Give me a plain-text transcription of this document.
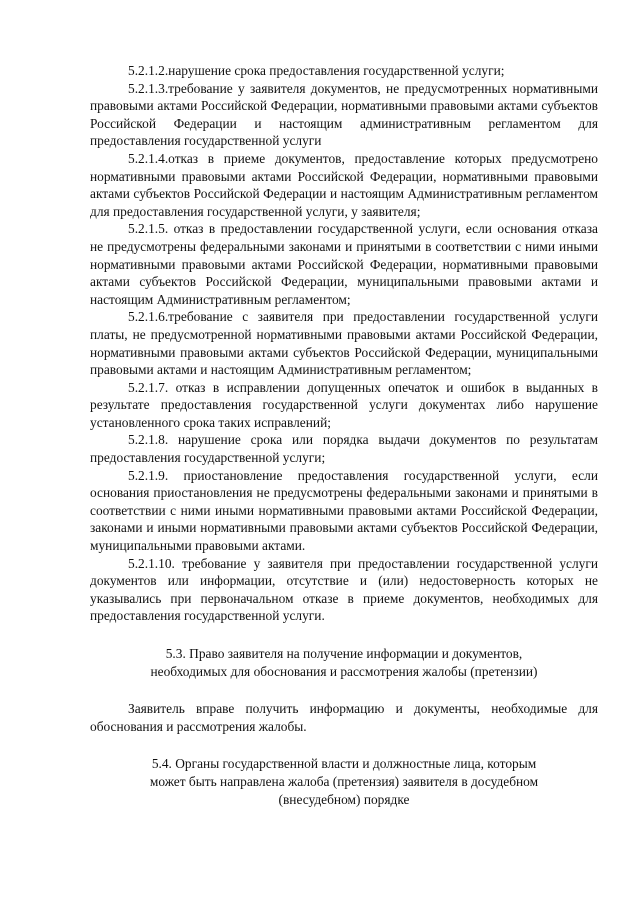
5.2.1.2.нарушение срока предоставления государственной услуги;

5.2.1.3.требование у заявителя документов, не предусмотренных нормативными правовыми актами Российской Федерации, нормативными правовыми актами субъектов Российской Федерации и настоящим административным регламентом для предоставления государственной услуги

5.2.1.4.отказ в приеме документов, предоставление которых предусмотрено нормативными правовыми актами Российской Федерации, нормативными правовыми актами субъектов Российской Федерации и настоящим Административным регламентом для предоставления государственной услуги, у заявителя;

5.2.1.5. отказ в предоставлении государственной услуги, если основания отказа не предусмотрены федеральными законами и принятыми в соответствии с ними иными нормативными правовыми актами Российской Федерации, нормативными правовыми актами субъектов Российской Федерации, муниципальными правовыми актами и настоящим Административным регламентом;

5.2.1.6.требование с заявителя при предоставлении государственной услуги платы, не предусмотренной нормативными правовыми актами Российской Федерации, нормативными правовыми актами субъектов Российской Федерации, муниципальными правовыми актами и настоящим Административным регламентом;

5.2.1.7. отказ в исправлении допущенных опечаток и ошибок в выданных в результате предоставления государственной услуги документах либо нарушение установленного срока таких исправлений;

5.2.1.8. нарушение срока или порядка выдачи документов по результатам предоставления государственной услуги;

5.2.1.9. приостановление предоставления государственной услуги, если основания приостановления не предусмотрены федеральными законами и принятыми в соответствии с ними иными нормативными правовыми актами Российской Федерации, законами и иными нормативными правовыми актами субъектов Российской Федерации, муниципальными правовыми актами.

5.2.1.10. требование у заявителя при предоставлении государственной услуги документов или информации, отсутствие и (или) недостоверность которых не указывались при первоначальном отказе в приеме документов, необходимых для предоставления государственной услуги.

5.3. Право заявителя на получение информации и документов,

необходимых для обоснования и рассмотрения жалобы (претензии)

Заявитель вправе получить информацию и документы, необходимые для обоснования и рассмотрения жалобы.

5.4. Органы государственной власти и должностные лица, которым

может быть направлена жалоба (претензия) заявителя в досудебном

(внесудебном) порядке
